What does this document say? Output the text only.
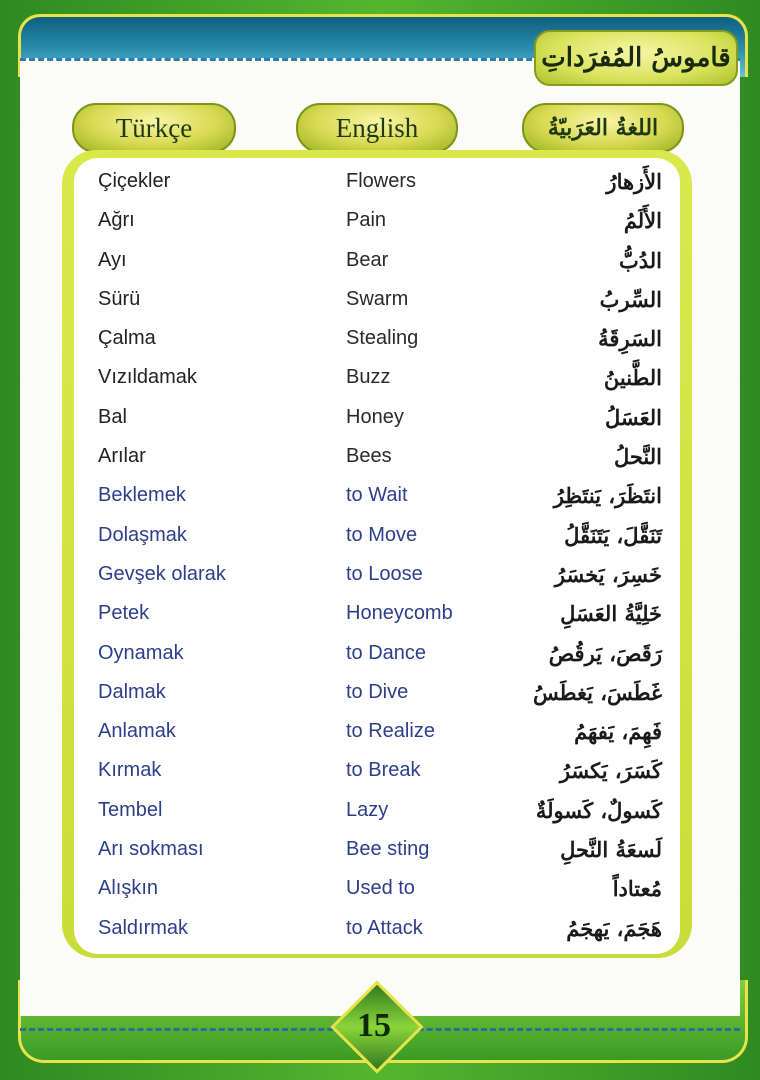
قاموسُ المُفرَداتِ
Türkçe	English	اللغةُ العَرَبيّةُ
Çiçekler	Flowers	الأَزهارُ
Ağrı	Pain	الأَلَمُ
Ayı	Bear	الدُبُّ
Sürü	Swarm	السِّربُ
Çalma	Stealing	السَرِقَةُ
Vızıldamak	Buzz	الطَّنينُ
Bal	Honey	العَسَلُ
Arılar	Bees	النَّحلُ
Beklemek	to Wait	انتَظَرَ، يَنتَظِرُ
Dolaşmak	to Move	تَنَقَّلَ، يَتَنَقَّلُ
Gevşek olarak	to Loose	خَسِرَ، يَخسَرُ
Petek	Honeycomb	خَلِيَّةُ العَسَلِ
Oynamak	to Dance	رَقَصَ، يَرقُصُ
Dalmak	to Dive	غَطَسَ، يَغطَسُ
Anlamak	to Realize	فَهِمَ، يَفهَمُ
Kırmak	to Break	كَسَرَ، يَكسَرُ
Tembel	Lazy	كَسولٌ، كَسولَةٌ
Arı sokması	Bee sting	لَسعَةُ النَّحلِ
Alışkın	Used to	مُعتاداً
Saldırmak	to Attack	هَجَمَ، يَهجَمُ
15
